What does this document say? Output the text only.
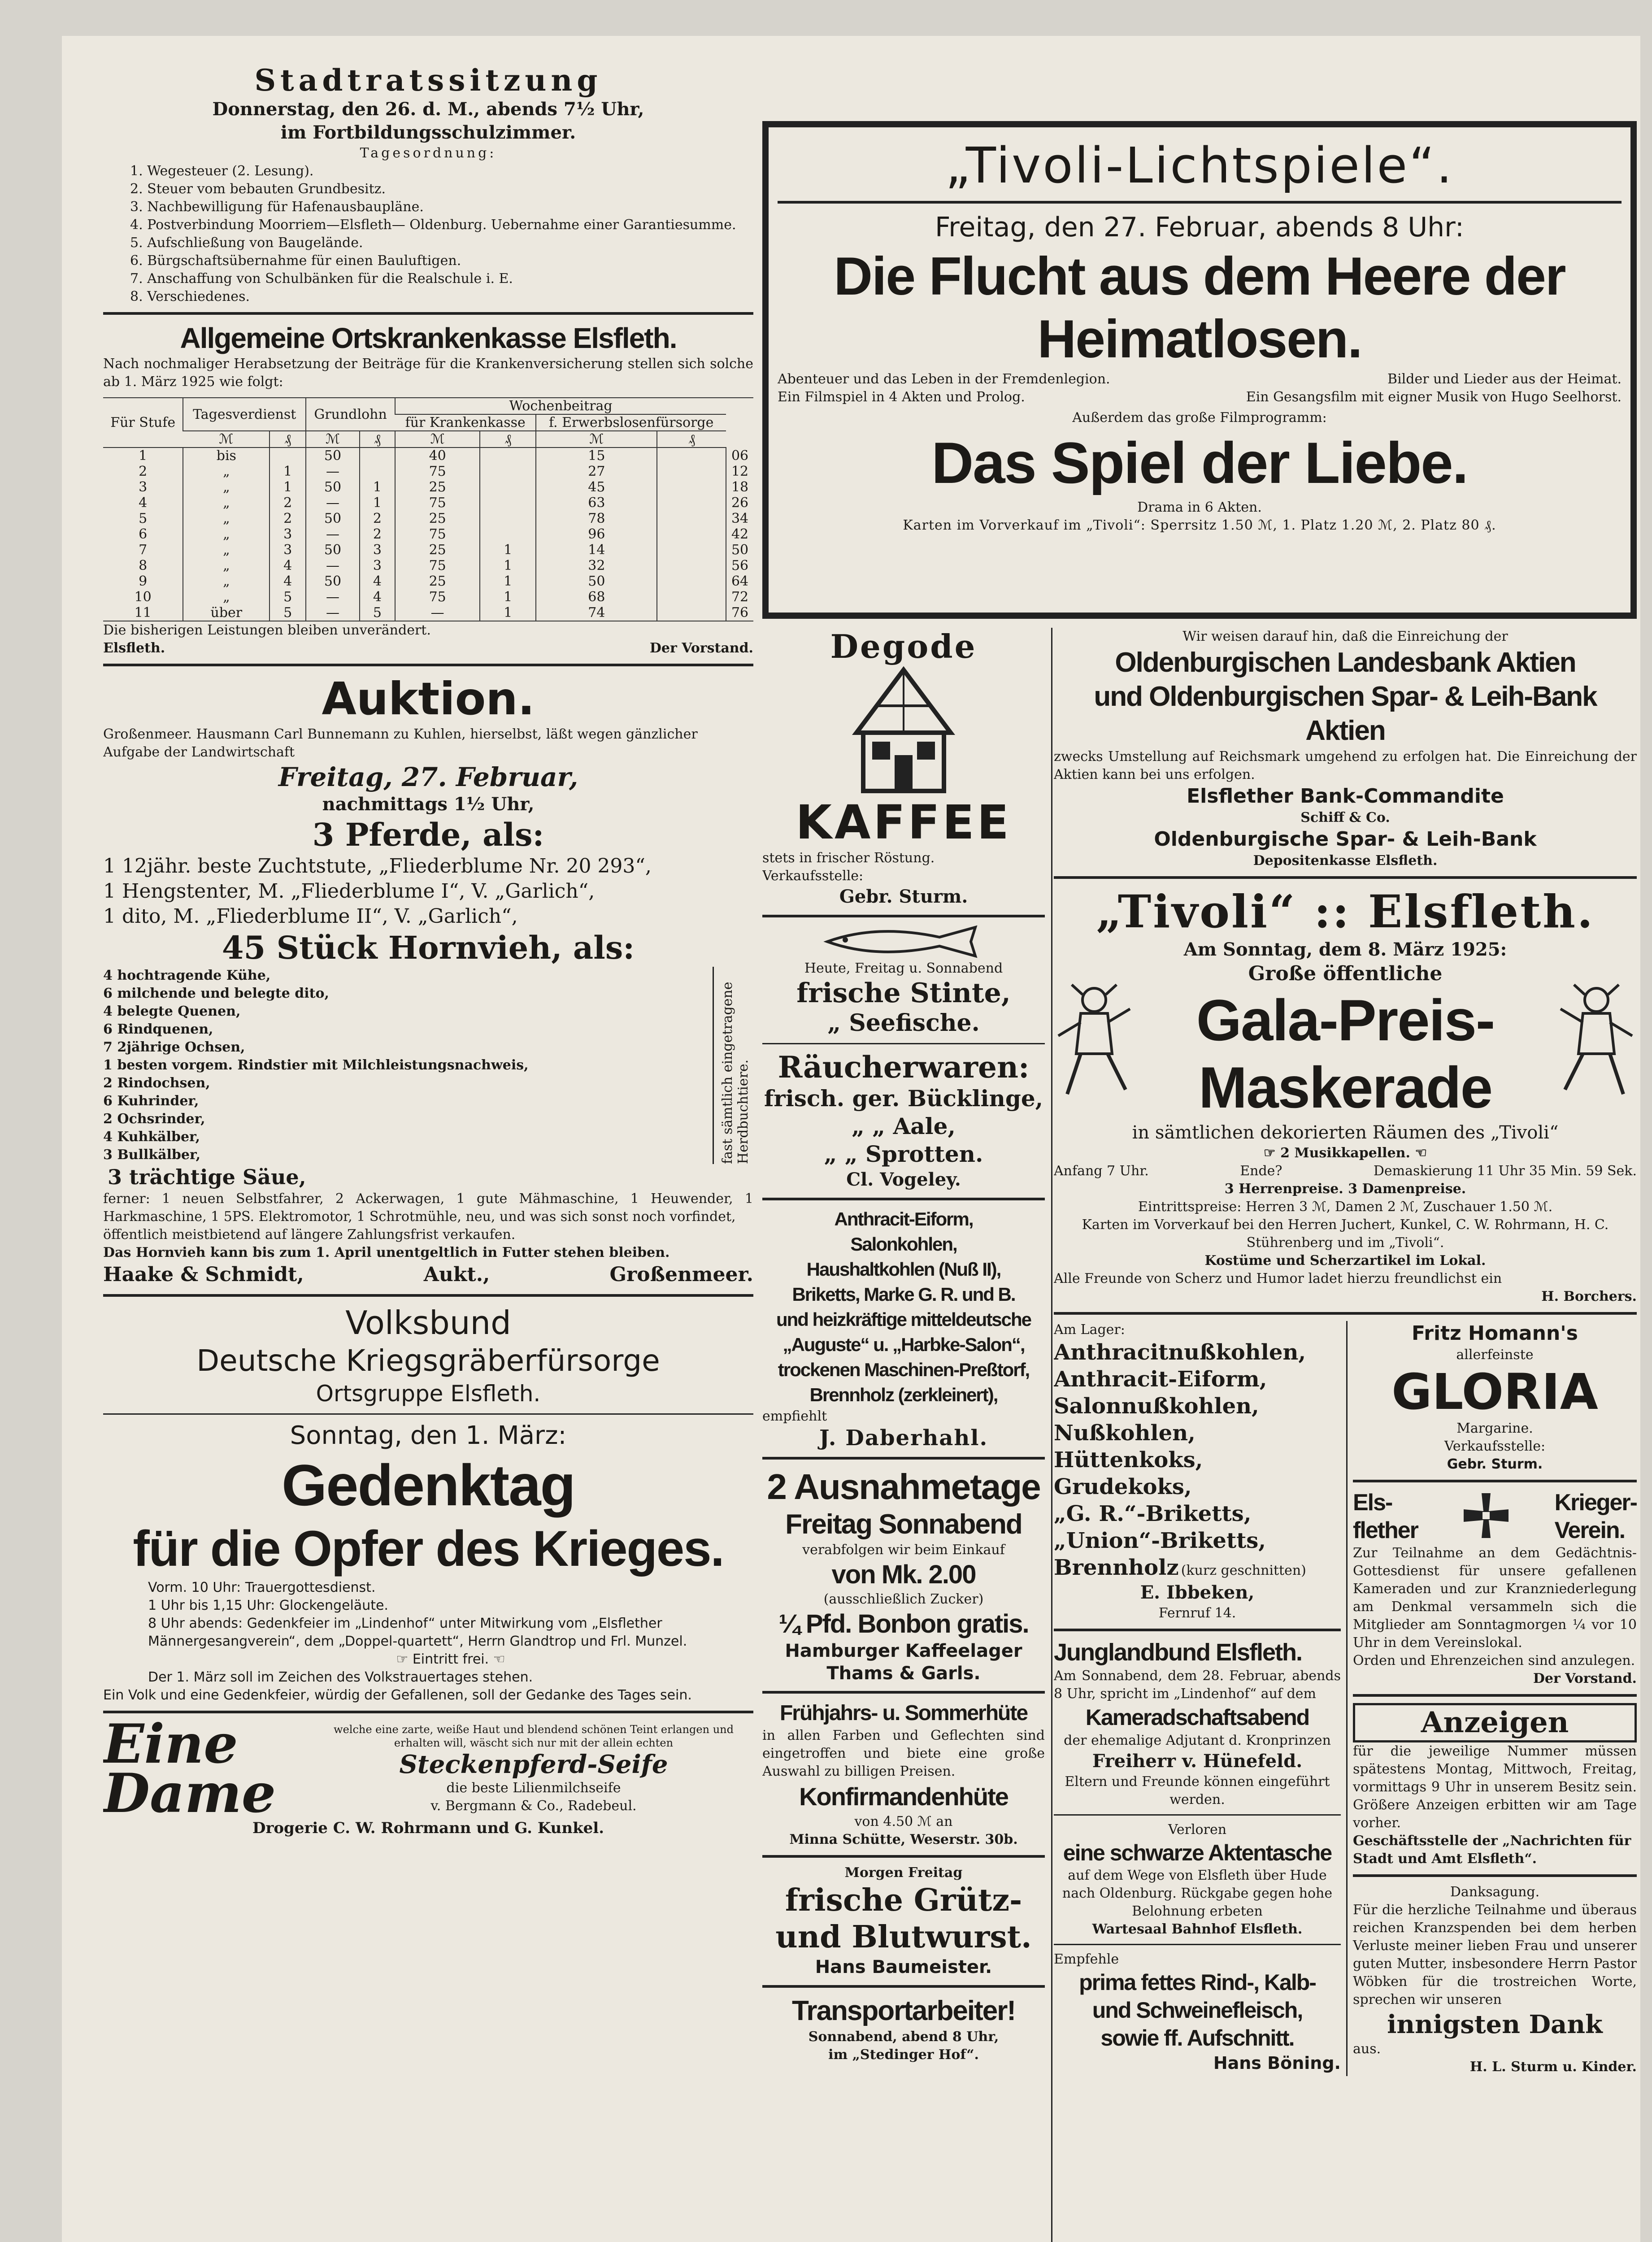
Stadtratssitzung

Donnerstag, den 26. d. M., abends 7½ Uhr,

im Fortbildungsschulzimmer.

Tagesordnung:

1. Wegesteuer (2. Lesung).
2. Steuer vom bebauten Grundbesitz.
3. Nachbewilligung für Hafenausbaupläne.
4. Postverbindung Moorriem—Elsfleth— Oldenburg. Uebernahme einer Garantiesumme.
5. Aufschließung von Baugelände.
6. Bürgschaftsübernahme für einen Bauluftigen.
7. Anschaffung von Schulbänken für die Realschule i. E.
8. Verschiedenes.

Allgemeine Ortskrankenkasse Elsfleth.

Nach nochmaliger Herabsetzung der Beiträge für die Krankenversicherung stellen sich solche ab 1. März 1925 wie folgt:

Für Stufe	Tagesverdienst		Grundlohn		Wochenbeitrag				
					für Krankenkasse		f. Erwerbslosenfürsorge		
	ℳ	₰	ℳ	₰	ℳ	₰	ℳ	₰	
1	bis		50		40		15		06
2	„	1	—		75		27		12
3	„	1	50	1	25		45		18
4	„	2	—	1	75		63		26
5	„	2	50	2	25		78		34
6	„	3	—	2	75		96		42
7	„	3	50	3	25	1	14		50
8	„	4	—	3	75	1	32		56
9	„	4	50	4	25	1	50		64
10	„	5	—	4	75	1	68		72
11	über	5	—	5	—	1	74		76

Die bisherigen Leistungen bleiben unverändert.

Elsfleth.	Der Vorstand.

Auktion.

Großenmeer. Hausmann Carl Bunnemann zu Kuhlen, hierselbst, läßt wegen gänzlicher Aufgabe der Landwirtschaft

Freitag, 27. Februar,

nachmittags 1½ Uhr,

3 Pferde, als:

1 12jähr. beste Zuchtstute, „Fliederblume Nr. 20 293“,

1 Hengstenter, M. „Fliederblume I“, V. „Garlich“,

1 dito, M. „Fliederblume II“, V. „Garlich“,

45 Stück Hornvieh, als:

4 hochtragende Kühe,
6 milchende und belegte dito,
4 belegte Quenen,
6 Rindquenen,
7 2jährige Ochsen,
1 besten vorgem. Rindstier mit Milchleistungsnachweis,
2 Rindochsen,
6 Kuhrinder,
2 Ochsrinder,
4 Kuhkälber,
3 Bullkälber,	fast sämtlich eingetragene Herdbuchtiere.

3 trächtige Säue,

ferner: 1 neuen Selbstfahrer, 2 Ackerwagen, 1 gute Mähmaschine, 1 Heuwender, 1 Harkmaschine, 1 5PS. Elektromotor, 1 Schrotmühle, neu, und was sich sonst noch vorfindet,

öffentlich meistbietend auf längere Zahlungsfrist verkaufen.

Das Hornvieh kann bis zum 1. April unentgeltlich in Futter stehen bleiben.

Haake & Schmidt,	Aukt.,	Großenmeer.

Volksbund

Deutsche Kriegsgräberfürsorge

Ortsgruppe Elsfleth.

Sonntag, den 1. März:

Gedenktag

für die Opfer des Krieges.

Vorm. 10 Uhr: Trauergottesdienst.

1 Uhr bis 1,15 Uhr: Glockengeläute.

8 Uhr abends: Gedenkfeier im „Lindenhof“ unter Mitwirkung vom „Elsflether Männergesangverein“, dem „Doppel-quartett“, Herrn Glandtrop und Frl. Munzel.

☞ Eintritt frei. ☜

Der 1. März soll im Zeichen des Volkstrauertages stehen.

Ein Volk und eine Gedenkfeier, würdig der Gefallenen, soll der Gedanke des Tages sein.

Eine Dame

welche eine zarte, weiße Haut und blendend schönen Teint erlangen und erhalten will, wäscht sich nur mit der allein echten

Steckenpferd-Seife

die beste Lilienmilchseife

v. Bergmann & Co., Radebeul.

Drogerie C. W. Rohrmann und G. Kunkel.

„Tivoli-Lichtspiele“.

Freitag, den 27. Februar, abends 8 Uhr:

Die Flucht aus dem Heere der Heimatlosen.

Abenteuer und das Leben in der Fremdenlegion.	Bilder und Lieder aus der Heimat.
Ein Filmspiel in 4 Akten und Prolog.	Ein Gesangsfilm mit eigner Musik von Hugo Seelhorst.

Außerdem das große Filmprogramm:

Das Spiel der Liebe.

Drama in 6 Akten.

Karten im Vorverkauf im „Tivoli“: Sperrsitz 1.50 ℳ, 1. Platz 1.20 ℳ, 2. Platz 80 ₰.

Degode

KAFFEE

stets in frischer Röstung.

Verkaufsstelle:

Gebr. Sturm.

Heute, Freitag u. Sonnabend

frische Stinte,

„ Seefische.

Räucherwaren:

frisch. ger. Bücklinge,

„ „ Aale,

„ „ Sprotten.

Cl. Vogeley.

Anthracit-Eiform,

Salonkohlen,

Haushaltkohlen (Nuß II),

Briketts, Marke G. R. und B.

und heizkräftige mitteldeutsche

„Auguste“ u. „Harbke-Salon“,

trockenen Maschinen-Preßtorf,

Brennholz (zerkleinert),

empfiehlt

J. Daberhahl.

2 Ausnahmetage

Freitag Sonnabend

verabfolgen wir beim Einkauf

von Mk. 2.00

(ausschließlich Zucker)

¼ Pfd. Bonbon gratis.

Hamburger Kaffeelager

Thams & Garls.

Frühjahrs- u. Sommerhüte

in allen Farben und Geflechten sind eingetroffen und biete eine große Auswahl zu billigen Preisen.

Konfirmandenhüte

von 4.50 ℳ an

Minna Schütte, Weserstr. 30b.

Morgen Freitag

frische Grütz-

und Blutwurst.

Hans Baumeister.

Transportarbeiter!

Sonnabend, abend 8 Uhr,

im „Stedinger Hof“.

Wir weisen darauf hin, daß die Einreichung der

Oldenburgischen Landesbank Aktien

und Oldenburgischen Spar- & Leih-Bank Aktien

zwecks Umstellung auf Reichsmark umgehend zu erfolgen hat. Die Einreichung der Aktien kann bei uns erfolgen.

Elsflether Bank-Commandite

Schiff & Co.

Oldenburgische Spar- & Leih-Bank

Depositenkasse Elsfleth.

„Tivoli“ :: Elsfleth.

Am Sonntag, dem 8. März 1925:

Große öffentliche

Gala-Preis-

Maskerade

in sämtlichen dekorierten Räumen des „Tivoli“

☞ 2 Musikkapellen. ☜

Anfang 7 Uhr.	Ende?	Demaskierung 11 Uhr 35 Min. 59 Sek.

3 Herrenpreise. 3 Damenpreise.

Eintrittspreise: Herren 3 ℳ, Damen 2 ℳ, Zuschauer 1.50 ℳ.

Karten im Vorverkauf bei den Herren Juchert, Kunkel, C. W. Rohrmann, H. C. Stührenberg und im „Tivoli“.

Kostüme und Scherzartikel im Lokal.

Alle Freunde von Scherz und Humor ladet hierzu freundlichst ein

H. Borchers.

Am Lager:

Anthracitnußkohlen,

Anthracit-Eiform,

Salonnußkohlen,

Nußkohlen,

Hüttenkoks,

Grudekoks,

„G. R.“-Briketts,

„Union“-Briketts,

Brennholz (kurz geschnitten)

E. Ibbeken,

Fernruf 14.

Junglandbund Elsfleth.

Am Sonnabend, dem 28. Februar, abends 8 Uhr, spricht im „Lindenhof“ auf dem

Kameradschaftsabend

der ehemalige Adjutant d. Kronprinzen

Freiherr v. Hünefeld.

Eltern und Freunde können eingeführt werden.

Verloren

eine schwarze Aktentasche

auf dem Wege von Elsfleth über Hude nach Oldenburg. Rückgabe gegen hohe Belohnung erbeten

Wartesaal Bahnhof Elsfleth.

Empfehle

prima fettes Rind-, Kalb-

und Schweinefleisch,

sowie ff. Aufschnitt.

Hans Böning.

Fritz Homann's

allerfeinste

GLORIA

Margarine.

Verkaufsstelle:

Gebr. Sturm.

Els-

flether

Krieger-

Verein.

Zur Teilnahme an dem Gedächtnis-Gottesdienst für unsere gefallenen Kameraden und zur Kranzniederlegung am Denkmal versammeln sich die Mitglieder am Sonntagmorgen ¼ vor 10 Uhr in dem Vereinslokal.

Orden und Ehrenzeichen sind anzulegen.

Der Vorstand.

Anzeigen

für die jeweilige Nummer müssen spätestens Montag, Mittwoch, Freitag, vormittags 9 Uhr in unserem Besitz sein. Größere Anzeigen erbitten wir am Tage vorher.

Geschäftsstelle der „Nachrichten für Stadt und Amt Elsfleth“.

Danksagung.

Für die herzliche Teilnahme und überaus reichen Kranzspenden bei dem herben Verluste meiner lieben Frau und unserer guten Mutter, insbesondere Herrn Pastor Wöbken für die trostreichen Worte, sprechen wir unseren

innigsten Dank

aus.

H. L. Sturm u. Kinder.
